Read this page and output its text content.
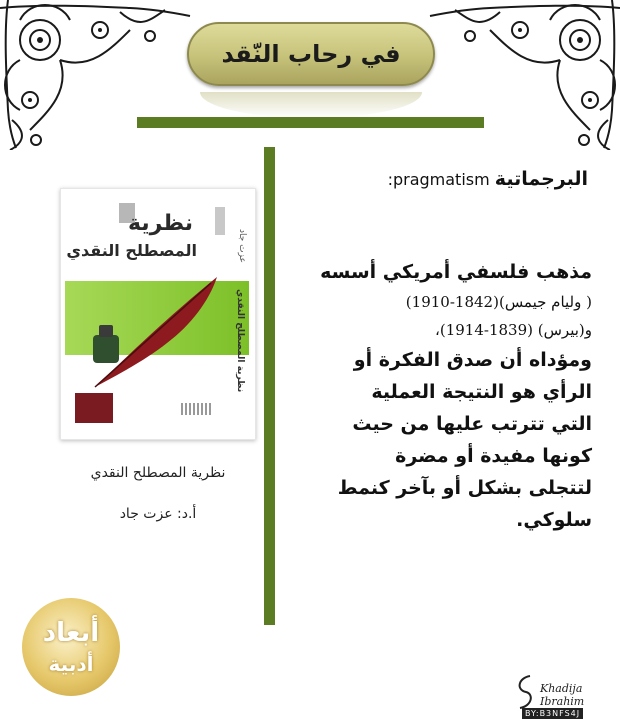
في رحاب النّقد
نظرية
المصطلح النقدي	عزت جاد
نظرية المصطلح النقدي
نظرية المصطلح النقدي
أ.د: عزت جاد
البرجماتية pragmatism:
مذهب فلسفي أمريكي أسسه
( وليام جيمس)(1842-1910)
و(بيرس) (1839-1914)،
ومؤداه أن صدق الفكرة أو
الرأي هو النتيجة العملية
التي تترتب عليها من حيث
كونها مفيدة أو مضرة
لتتجلى بشكل أو بآخر كنمط
سلوكي.
أبعاد
أدبية
Khadija Ibrahim
BY:B3NFS4J
